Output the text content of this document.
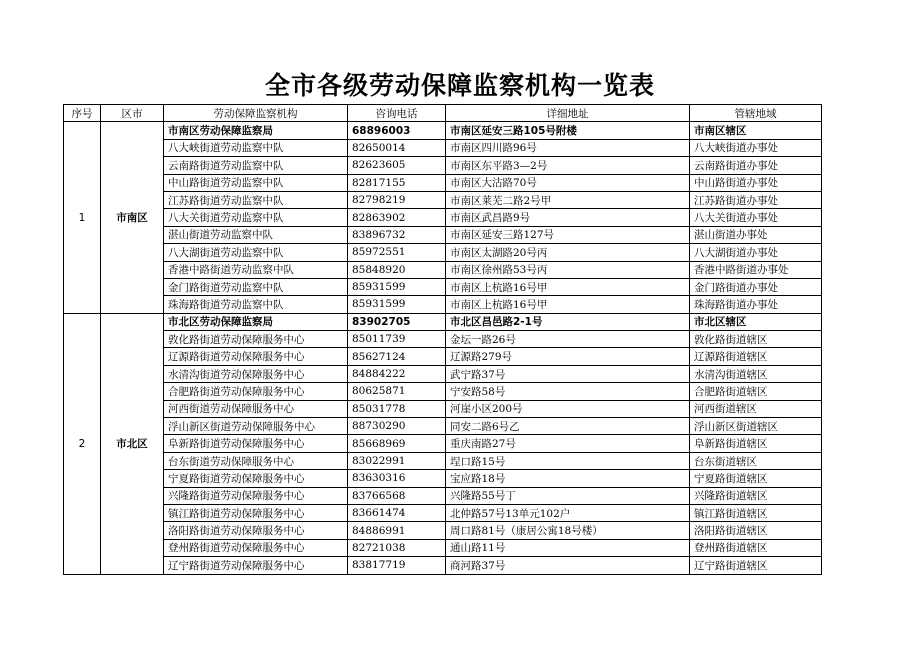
全市各级劳动保障监察机构一览表
序号	区市	劳动保障监察机构	咨询电话	详细地址	管辖地域
1	市南区	市南区劳动保障监察局	68896003	市南区延安三路105号附楼	市南区辖区
		八大峡街道劳动监察中队	82650014	市南区四川路96号	八大峡街道办事处
		云南路街道劳动监察中队	82623605	市南区东平路3—2号	云南路街道办事处
		中山路街道劳动监察中队	82817155	市南区大沽路70号	中山路街道办事处
		江苏路街道劳动监察中队	82798219	市南区莱芜二路2号甲	江苏路街道办事处
		八大关街道劳动监察中队	82863902	市南区武昌路9号	八大关街道办事处
		湛山街道劳动监察中队	83896732	市南区延安三路127号	湛山街道办事处
		八大湖街道劳动监察中队	85972551	市南区太湖路20号丙	八大湖街道办事处
		香港中路街道劳动监察中队	85848920	市南区徐州路53号丙	香港中路街道办事处
		金门路街道劳动监察中队	85931599	市南区上杭路16号甲	金门路街道办事处
		珠海路街道劳动监察中队	85931599	市南区上杭路16号甲	珠海路街道办事处
2	市北区	市北区劳动保障监察局	83902705	市北区昌邑路2-1号	市北区辖区
		敦化路街道劳动保障服务中心	85011739	金坛一路26号	敦化路街道辖区
		辽源路街道劳动保障服务中心	85627124	辽源路279号	辽源路街道辖区
		水清沟街道劳动保障服务中心	84884222	武宁路37号	水清沟街道辖区
		合肥路街道劳动保障服务中心	80625871	宁安路58号	合肥路街道辖区
		河西街道劳动保障服务中心	85031778	河崖小区200号	河西街道辖区
		浮山新区街道劳动保障服务中心	88730290	同安二路6号乙	浮山新区街道辖区
		阜新路街道劳动保障服务中心	85668969	重庆南路27号	阜新路街道辖区
		台东街道劳动保障服务中心	83022991	埕口路15号	台东街道辖区
		宁夏路街道劳动保障服务中心	83630316	宝应路18号	宁夏路街道辖区
		兴隆路街道劳动保障服务中心	83766568	兴隆路55号丁	兴隆路街道辖区
		镇江路街道劳动保障服务中心	83661474	北仲路57号13单元102户	镇江路街道辖区
		洛阳路街道劳动保障服务中心	84886991	周口路81号（康居公寓18号楼）	洛阳路街道辖区
		登州路街道劳动保障服务中心	82721038	通山路11号	登州路街道辖区
		辽宁路街道劳动保障服务中心	83817719	商河路37号	辽宁路街道辖区
